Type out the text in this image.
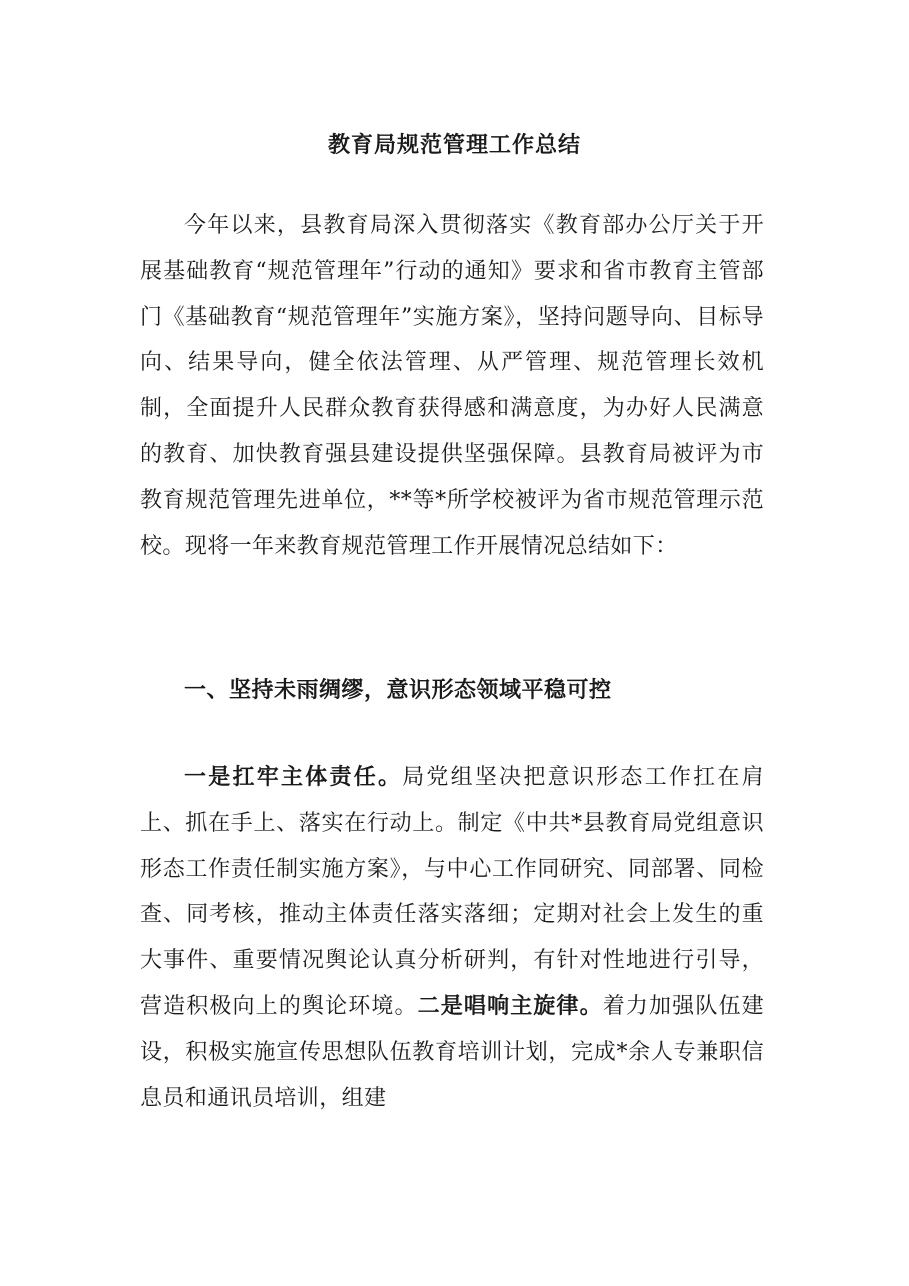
教育局规范管理工作总结

今年以来，县教育局深入贯彻落实《教育部办公厅关于开展基础教育“规范管理年”行动的通知》要求和省市教育主管部门《基础教育“规范管理年”实施方案》，坚持问题导向、目标导向、结果导向，健全依法管理、从严管理、规范管理长效机制，全面提升人民群众教育获得感和满意度，为办好人民满意的教育、加快教育强县建设提供坚强保障。县教育局被评为市教育规范管理先进单位，**等*所学校被评为省市规范管理示范校。现将一年来教育规范管理工作开展情况总结如下：

一、坚持未雨绸缪，意识形态领域平稳可控

一是扛牢主体责任。局党组坚决把意识形态工作扛在肩上、抓在手上、落实在行动上。制定《中共*县教育局党组意识形态工作责任制实施方案》，与中心工作同研究、同部署、同检查、同考核，推动主体责任落实落细；定期对社会上发生的重大事件、重要情况舆论认真分析研判，有针对性地进行引导，营造积极向上的舆论环境。二是唱响主旋律。着力加强队伍建设，积极实施宣传思想队伍教育培训计划，完成*余人专兼职信息员和通讯员培训，组建
